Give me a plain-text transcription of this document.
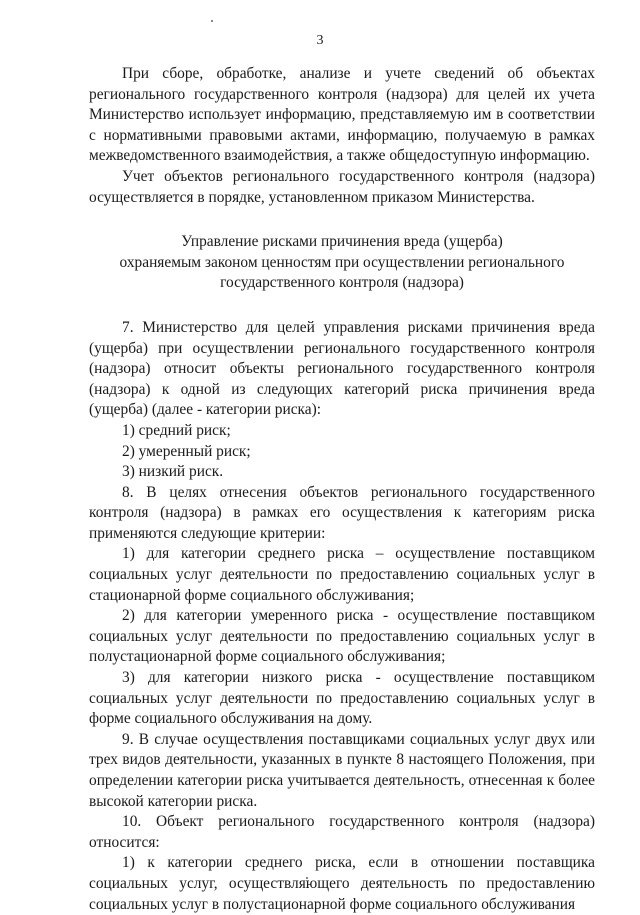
3

При сборе, обработке, анализе и учете сведений об объектах регионального государственного контроля (надзора) для целей их учета Министерство использует информацию, представляемую им в соответствии с нормативными правовыми актами, информацию, получаемую в рамках межведомственного взаимодействия, а также общедоступную информацию.

Учет объектов регионального государственного контроля (надзора) осуществляется в порядке, установленном приказом Министерства.

Управление рисками причинения вреда (ущерба)
охраняемым законом ценностям при осуществлении регионального
государственного контроля (надзора)

7. Министерство для целей управления рисками причинения вреда (ущерба) при осуществлении регионального государственного контроля (надзора) относит объекты регионального государственного контроля (надзора) к одной из следующих категорий риска причинения вреда (ущерба) (далее - категории риска):

1) средний риск;

2) умеренный риск;

3) низкий риск.

8. В целях отнесения объектов регионального государственного контроля (надзора) в рамках его осуществления к категориям риска применяются следующие критерии:

1) для категории среднего риска – осуществление поставщиком социальных услуг деятельности по предоставлению социальных услуг в стационарной форме социального обслуживания;

2) для категории умеренного риска - осуществление поставщиком социальных услуг деятельности по предоставлению социальных услуг в полустационарной форме социального обслуживания;

3) для категории низкого риска - осуществление поставщиком социальных услуг деятельности по предоставлению социальных услуг в форме социального обслуживания на дому.

9. В случае осуществления поставщиками социальных услуг двух или трех видов деятельности, указанных в пункте 8 настоящего Положения, при определении категории риска учитывается деятельность, отнесенная к более высокой категории риска.

10. Объект регионального государственного контроля (надзора) относится:

1) к категории среднего риска, если в отношении поставщика социальных услуг, осуществляющего деятельность по предоставлению социальных услуг в полустационарной форме социального обслуживания
